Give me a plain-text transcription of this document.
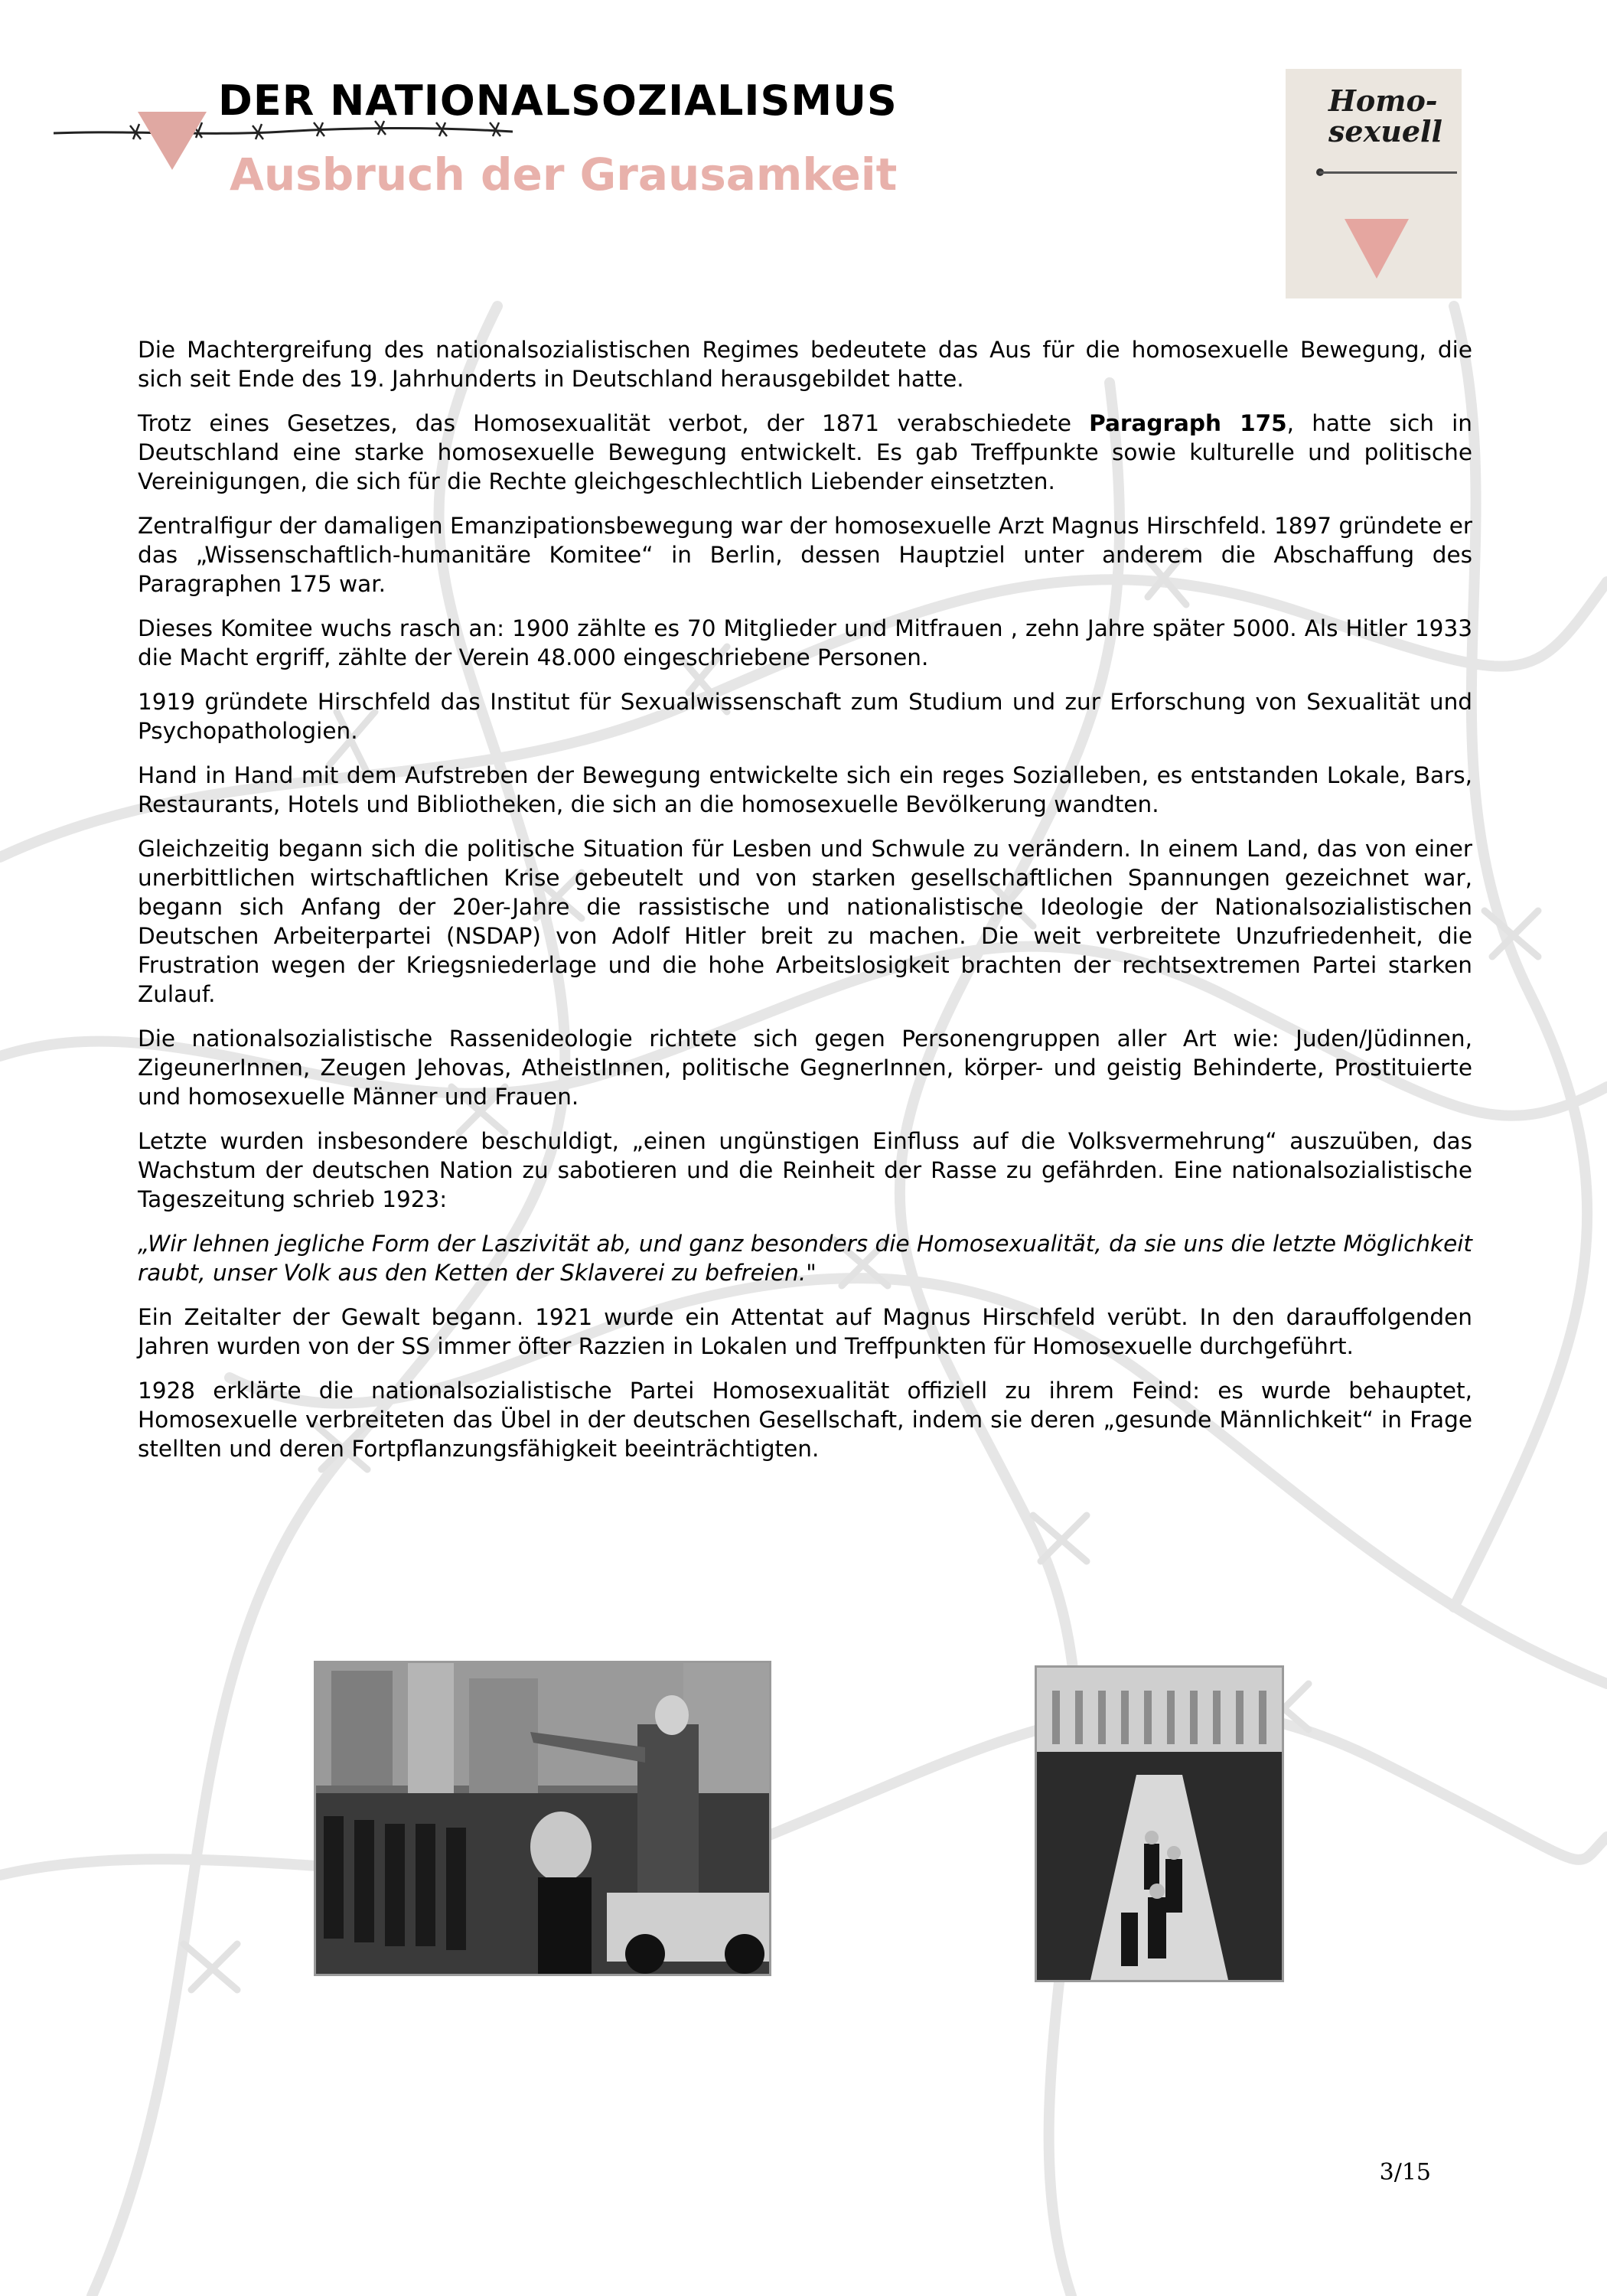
DER NATIONALSOZIALISMUS
Ausbruch der Grausamkeit
Homo-
sexuell

Die Machtergreifung des nationalsozialistischen Regimes bedeutete das Aus für die homosexuelle Bewegung, die sich seit Ende des 19. Jahrhunderts in Deutschland herausgebildet hatte.

Trotz eines Gesetzes, das Homosexualität verbot, der 1871 verabschiedete Paragraph 175, hatte sich in Deutschland eine starke homosexuelle Bewegung entwickelt. Es gab Treffpunkte sowie kulturelle und politische Vereinigungen, die sich für die Rechte gleichgeschlechtlich Liebender einsetzten.

Zentralfigur der damaligen Emanzipationsbewegung war der homosexuelle Arzt Magnus Hirschfeld. 1897 gründete er das „Wissenschaftlich-humanitäre Komitee“ in Berlin, dessen Hauptziel unter anderem die Abschaffung des Paragraphen 175 war.

Dieses Komitee wuchs rasch an: 1900 zählte es 70 Mitglieder und Mitfrauen , zehn Jahre später 5000. Als Hitler 1933 die Macht ergriff, zählte der Verein 48.000 eingeschriebene Personen.

1919 gründete Hirschfeld das Institut für Sexualwissenschaft zum Studium und zur Erforschung von Sexualität und Psychopathologien.

Hand in Hand mit dem Aufstreben der Bewegung entwickelte sich ein reges Sozialleben, es entstanden Lokale, Bars, Restaurants, Hotels und Bibliotheken, die sich an die homosexuelle Bevölkerung wandten.

Gleichzeitig begann sich die politische Situation für Lesben und Schwule zu verändern. In einem Land, das von einer unerbittlichen wirtschaftlichen Krise gebeutelt und von starken gesellschaftlichen Spannungen gezeichnet war, begann sich Anfang der 20er-Jahre die rassistische und nationalistische Ideologie der Nationalsozialistischen Deutschen Arbeiterpartei (NSDAP) von Adolf Hitler breit zu machen. Die weit verbreitete Unzufriedenheit, die Frustration wegen der Kriegsniederlage und die hohe Arbeitslosigkeit brachten der rechtsextremen Partei starken Zulauf.

Die nationalsozialistische Rassenideologie richtete sich gegen Personengruppen aller Art wie: Juden/Jüdinnen, ZigeunerInnen, Zeugen Jehovas, AtheistInnen, politische GegnerInnen, körper- und geistig Behinderte, Prostituierte und homosexuelle Männer und Frauen.

Letzte wurden insbesondere beschuldigt, „einen ungünstigen Einfluss auf die Volksvermehrung“ auszuüben, das Wachstum der deutschen Nation zu sabotieren und die Reinheit der Rasse zu gefährden. Eine nationalsozialistische Tageszeitung schrieb 1923:

„Wir lehnen jegliche Form der Laszivität ab, und ganz besonders die Homosexualität, da sie uns die letzte Möglichkeit raubt, unser Volk aus den Ketten der Sklaverei zu befreien."

Ein Zeitalter der Gewalt begann. 1921 wurde ein Attentat auf Magnus Hirschfeld verübt. In den darauffolgenden Jahren wurden von der SS immer öfter Razzien in Lokalen und Treffpunkten für Homosexuelle durchgeführt.

1928 erklärte die nationalsozialistische Partei Homosexualität offiziell zu ihrem Feind: es wurde behauptet, Homosexuelle verbreiteten das Übel in der deutschen Gesellschaft, indem sie deren „gesunde Männlichkeit“ in Frage stellten und deren Fortpflanzungsfähigkeit beeinträchtigten.

3/15
